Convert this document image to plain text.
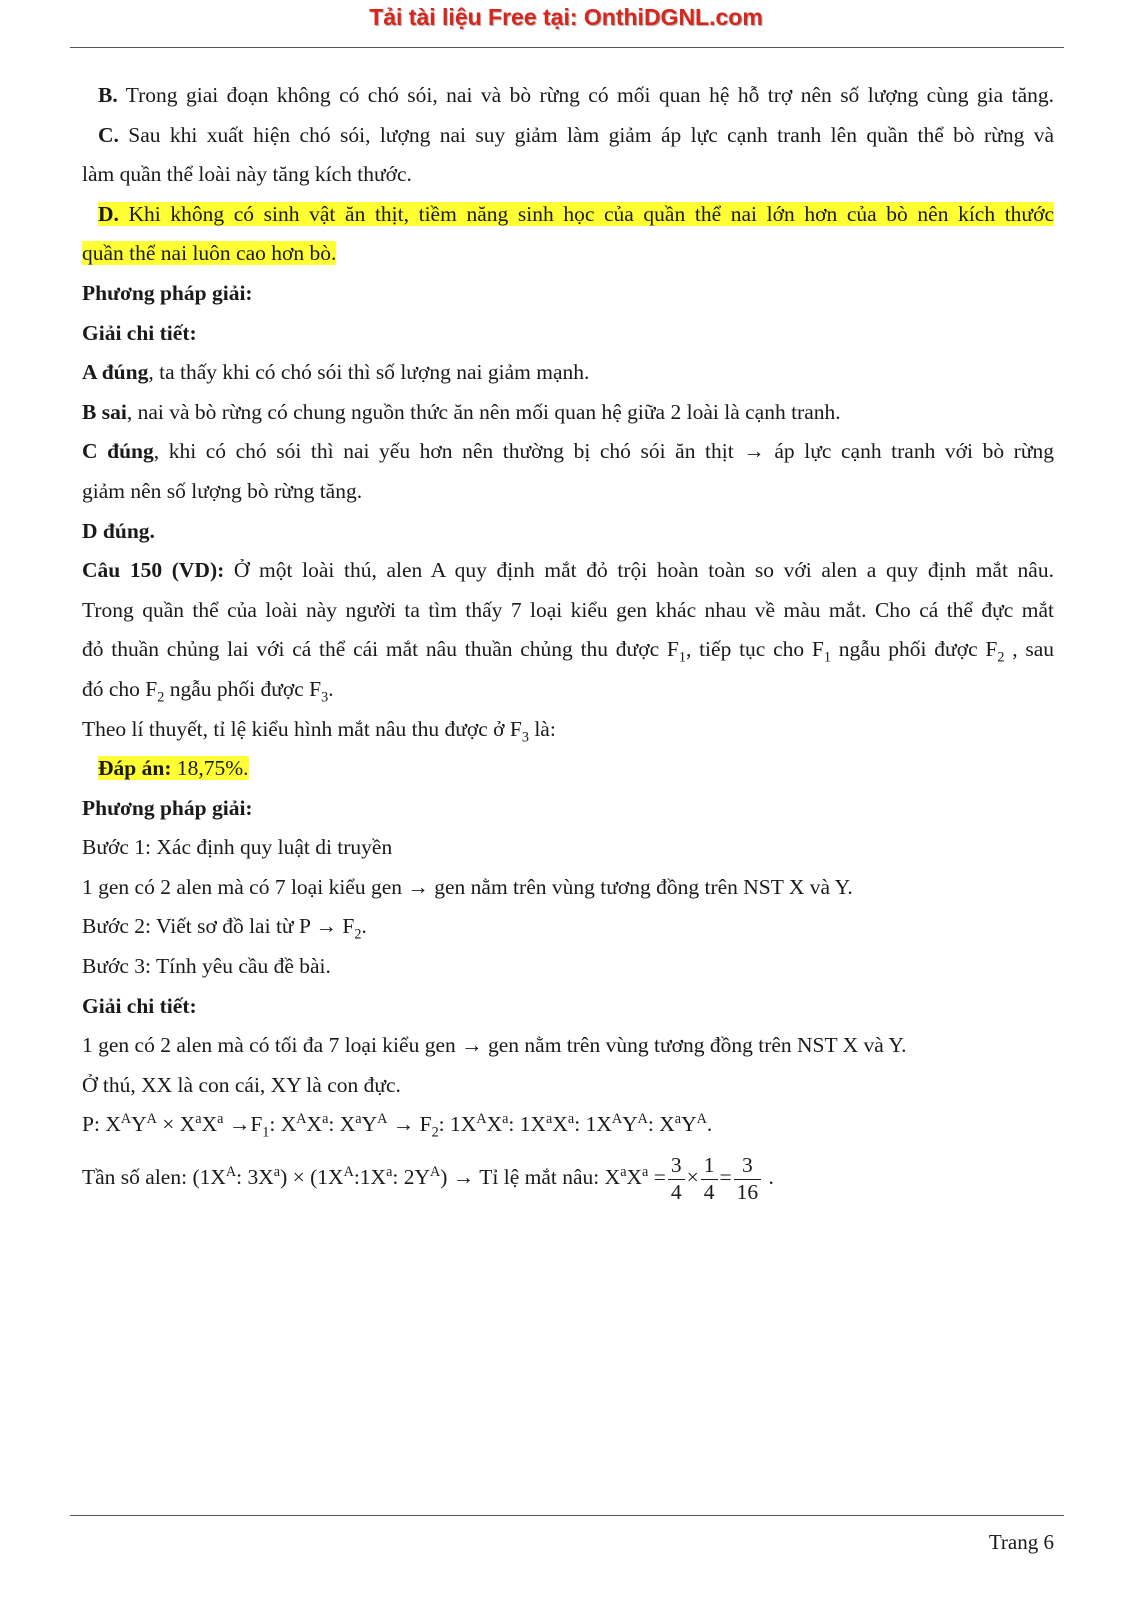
Tải tài liệu Free tại: OnthiDGNL.com
B. Trong giai đoạn không có chó sói, nai và bò rừng có mối quan hệ hỗ trợ nên số lượng cùng gia tăng.
C. Sau khi xuất hiện chó sói, lượng nai suy giảm làm giảm áp lực cạnh tranh lên quần thể bò rừng và
làm quần thể loài này tăng kích thước.
D. Khi không có sinh vật ăn thịt, tiềm năng sinh học của quần thể nai lớn hơn của bò nên kích thước
quần thể nai luôn cao hơn bò.
Phương pháp giải:
Giải chi tiết:
A đúng, ta thấy khi có chó sói thì số lượng nai giảm mạnh.
B sai, nai và bò rừng có chung nguồn thức ăn nên mối quan hệ giữa 2 loài là cạnh tranh.
C đúng, khi có chó sói thì nai yếu hơn nên thường bị chó sói ăn thịt → áp lực cạnh tranh với bò rừng
giảm nên số lượng bò rừng tăng.
D đúng.
Câu 150 (VD): Ở một loài thú, alen A quy định mắt đỏ trội hoàn toàn so với alen a quy định mắt nâu.
Trong quần thể của loài này người ta tìm thấy 7 loại kiểu gen khác nhau về màu mắt. Cho cá thể đực mắt
đỏ thuần chủng lai với cá thể cái mắt nâu thuần chủng thu được $F_1$, tiếp tục cho $F_1$ ngẫu phối được $F_2$ , sau
đó cho $F_2$ ngẫu phối được $F_3$.
Theo lí thuyết, tỉ lệ kiểu hình mắt nâu thu được ở $F_3$ là:
Đáp án: 18,75%.
Phương pháp giải:
Bước 1: Xác định quy luật di truyền
1 gen có 2 alen mà có 7 loại kiểu gen → gen nằm trên vùng tương đồng trên NST X và Y.
Bước 2: Viết sơ đồ lai từ $P \to F_2$.
Bước 3: Tính yêu cầu đề bài.
Giải chi tiết:
1 gen có 2 alen mà có tối đa 7 loại kiểu gen → gen nằm trên vùng tương đồng trên NST X và Y.
Ở thú, XX là con cái, XY là con đực.
P: $X^AY^A \times X^aX^a \to F_1$: $X^AX^a$: $X^aY^A \to F_2$: $1X^AX^a$: $1X^aX^a$: $1X^AY^A$: $X^aY^A$.
Tần số alen: ($1X^A$: $3X^a$) × ($1X^A:1X^a$: $2Y^A$) → Tỉ lệ mắt nâu: $X^aX^a = \frac{3}{4} \times \frac{1}{4} = \frac{3}{16}$ .
Trang 6
